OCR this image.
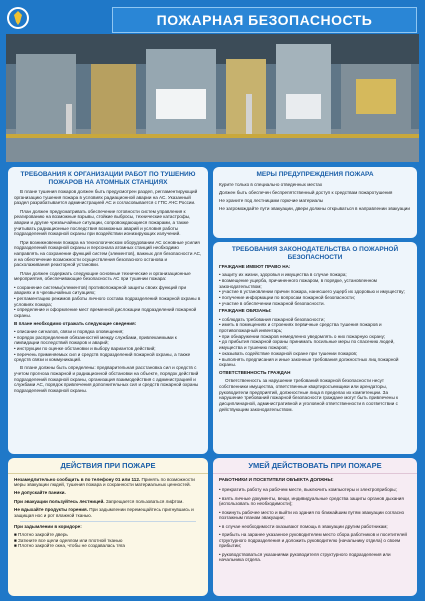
ПОЖАРНАЯ БЕЗОПАСНОСТЬ
ТРЕБОВАНИЯ К ОРГАНИЗАЦИИ РАБОТ ПО ТУШЕНИЮ ПОЖАРОВ НА АТОМНЫХ СТАНЦИЯХ

В плане тушения пожаров должен быть предусмотрен раздел, регламентирующий организацию тушения пожара в условиях радиационной аварии на АС. Указанный раздел разрабатывается администрацией АС и согласовывается с ГПС АЧС России.

План должен предусматривать обеспечение готовности систем управления к реагированию на возможные взрывы, стойкие выбросы, технические катастрофы, аварии и другие чрезвычайные ситуации, сопровождающиеся пожарами, а также учитывать радиационные последствия возможных аварий и условия работы подразделений пожарной охраны при воздействии ионизирующих излучений.

При возникновении пожара на технологическом оборудовании АС основные усилия подразделений пожарной охраны и персонала атомных станций необходимо направлять на сохранение функций систем (элементов), важных для безопасности АС, и на обеспечение возможности осуществления безопасного останова и расхолаживания реакторной установки.

План должен содержать следующие основные технические и организационные мероприятия, обеспечивающие безопасность АС при тушении пожара:

• сохранение системы(элементов) противопожарной защиты своих функций при авариях и в чрезвычайных ситуациях;
• регламентацию режимов работы личного состава подразделений пожарной охраны в условиях пожара;
• определение и оформление мест временной дислокации подразделений пожарной охраны.

В плане необходимо отражать следующие сведения:

• описание сигналов, связи и порядка оповещения;
• порядок распределения обязанностей между службами, привлекаемыми к ликвидации последствий пожаров и аварий;
• инструкции по оценке обстановки и выбору вариантов действий;
• перечень применяемых сил и средств подразделений пожарной охраны, а также средств связи и коммуникаций.

В плане должны быть определены: предварительная расстановка сил и средств с учетом прогноза пожарной и радиационной обстановки на объекте, порядок действий подразделений пожарной охраны, организация взаимодействия с администрацией и службами АС, порядок привлечения дополнительных сил и средств пожарной охраны подразделений пожарной охраны.

МЕРЫ ПРЕДУПРЕЖДЕНИЯ ПОЖАРА

Курите только в специально отведенных местах

Должен быть обеспечен беспрепятственный доступ к средствам пожаротушения

Не храните под лестницами горючие материалы

Не загромождайте пути эвакуации, двери должны открываться в направлении эвакуации

ТРЕБОВАНИЯ ЗАКОНОДАТЕЛЬСТВА О ПОЖАРНОЙ БЕЗОПАСНОСТИ

ГРАЖДАНЕ ИМЕЮТ ПРАВО НА:

• защиту их жизни, здоровья и имущества в случае пожара;
• возмещение ущерба, причиненного пожаром, в порядке, установленном законодательством;
• участие в установлении причин пожара, нанесшего ущерб их здоровью и имуществу;
• получение информации по вопросам пожарной безопасности;
• участие в обеспечении пожарной безопасности.

ГРАЖДАНЕ ОБЯЗАНЫ:

• соблюдать требования пожарной безопасности;
• иметь в помещениях и строениях первичные средства тушения пожаров и противопожарный инвентарь;
• при обнаружении пожаров немедленно уведомлять о них пожарную охрану;
• до прибытия пожарной охраны принимать посильные меры по спасению людей, имущества и тушению пожаров;
• оказывать содействие пожарной охране при тушении пожаров;
• выполнять предписания и иные законные требования должностных лиц пожарной охраны.

ОТВЕТСТВЕННОСТЬ ГРАЖДАН

Ответственность за нарушение требований пожарной безопасности несут собственники имущества, ответственные квартиросъемщики или арендаторы, руководители предприятий, должностные лица в пределах их компетенции. За нарушение требований пожарной безопасности граждане могут быть привлечены к дисциплинарной, административной и уголовной ответственности в соответствии с действующим законодательством.

ДЕЙСТВИЯ ПРИ ПОЖАРЕ

Незамедлительно сообщить в по телефону 01 или 112. Принять по возможности меры эвакуации людей, тушения пожара и сохранности материальных ценностей.

Не допускайте паники.

При эвакуации пользуйтесь лестницей. Запрещается пользоваться лифтом.

Не вдыхайте продукты горения. При задымлении перемещайтесь пригнувшись и защищая нос и рот влажной тканью.

При задымлении в коридоре:

■ Плотно закройте дверь
■ Заткните все щели одеялом или плотной тканью
■ Плотно закройте окна, чтобы не создавалась тяга
УМЕЙ ДЕЙСТВОВАТЬ ПРИ ПОЖАРЕ

РАБОТНИКИ И ПОСЕТИТЕЛИ ОБЪЕКТА ДОЛЖНЫ:

• прекратить работу на рабочем месте, выключить компьютеры и электроприборы;
• взять личные документы, вещи, индивидуальные средства защиты органов дыхания (использовать по необходимости);
• покинуть рабочее место и выйти из здания по ближайшим путям эвакуации согласно поэтажным планам эвакуации;
• в случае необходимости оказывают помощь в эвакуации другим работникам;
• прибыть на заранее указанное руководителем место сбора работников и посетителей структурного подразделения и доложить руководителю (начальнику отдела) о своем прибытии;
• руководствоваться указаниями руководителя структурного подразделения или начальника отдела.
